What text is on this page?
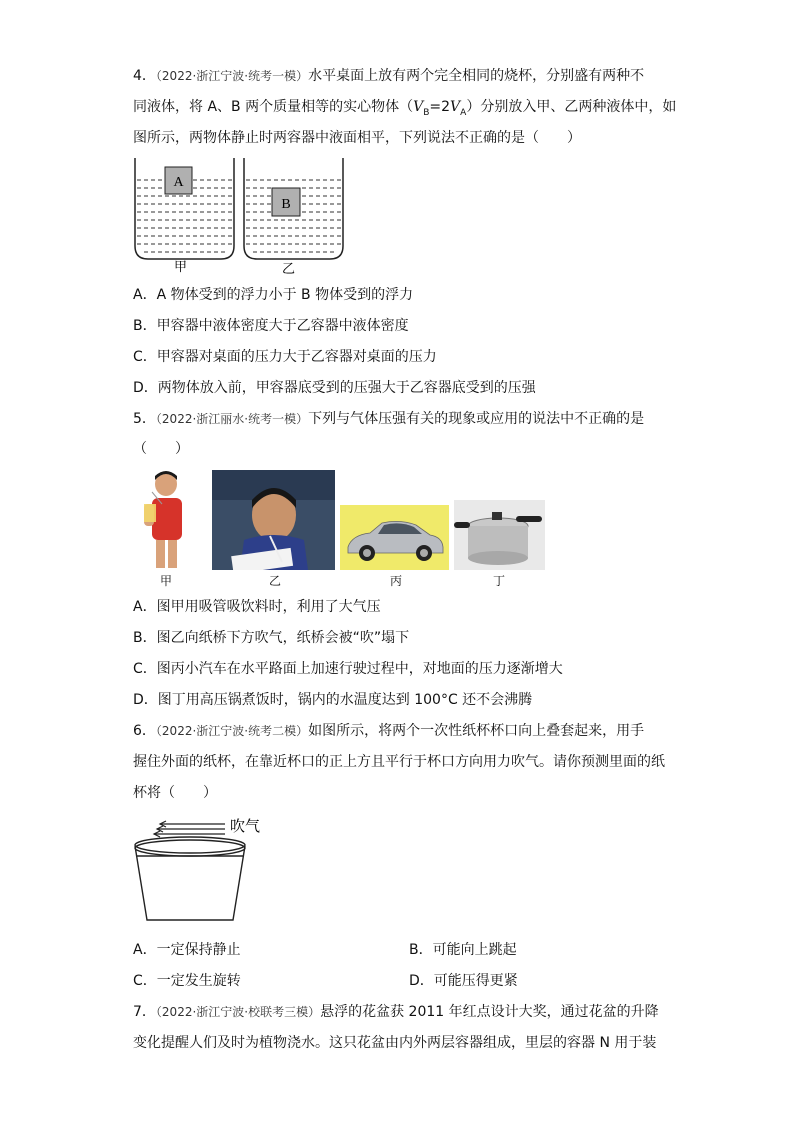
4．（2022·浙江宁波·统考一模）水平桌面上放有两个完全相同的烧杯，分别盛有两种不
同液体，将 A、B 两个质量相等的实心物体$(V_B=2V_A)$分别放入甲、乙两种液体中，如
图所示，两物体静止时两容器中液面相平，下列说法不正确的是（　　）
A
B
甲	乙
A．A 物体受到的浮力小于 B 物体受到的浮力
B．甲容器中液体密度大于乙容器中液体密度
C．甲容器对桌面的压力大于乙容器对桌面的压力
D．两物体放入前，甲容器底受到的压强大于乙容器底受到的压强
5．（2022·浙江丽水·统考一模）下列与气体压强有关的现象或应用的说法中不正确的是
（　　）
甲	乙	丙	丁
A．图甲用吸管吸饮料时，利用了大气压
B．图乙向纸桥下方吹气，纸桥会被“吹”塌下
C．图丙小汽车在水平路面上加速行驶过程中，对地面的压力逐渐增大
D．图丁用高压锅煮饭时，锅内的水温度达到 100°C 还不会沸腾
6．（2022·浙江宁波·统考二模）如图所示，将两个一次性纸杯杯口向上叠套起来，用手
握住外面的纸杯，在靠近杯口的正上方且平行于杯口方向用力吹气。请你预测里面的纸
杯将（　　）
吹气
A．一定保持静止	B．可能向上跳起
C．一定发生旋转	D．可能压得更紧
7．（2022·浙江宁波·校联考三模）悬浮的花盆获 2011 年红点设计大奖，通过花盆的升降
变化提醒人们及时为植物浇水。这只花盆由内外两层容器组成，里层的容器 N 用于装
